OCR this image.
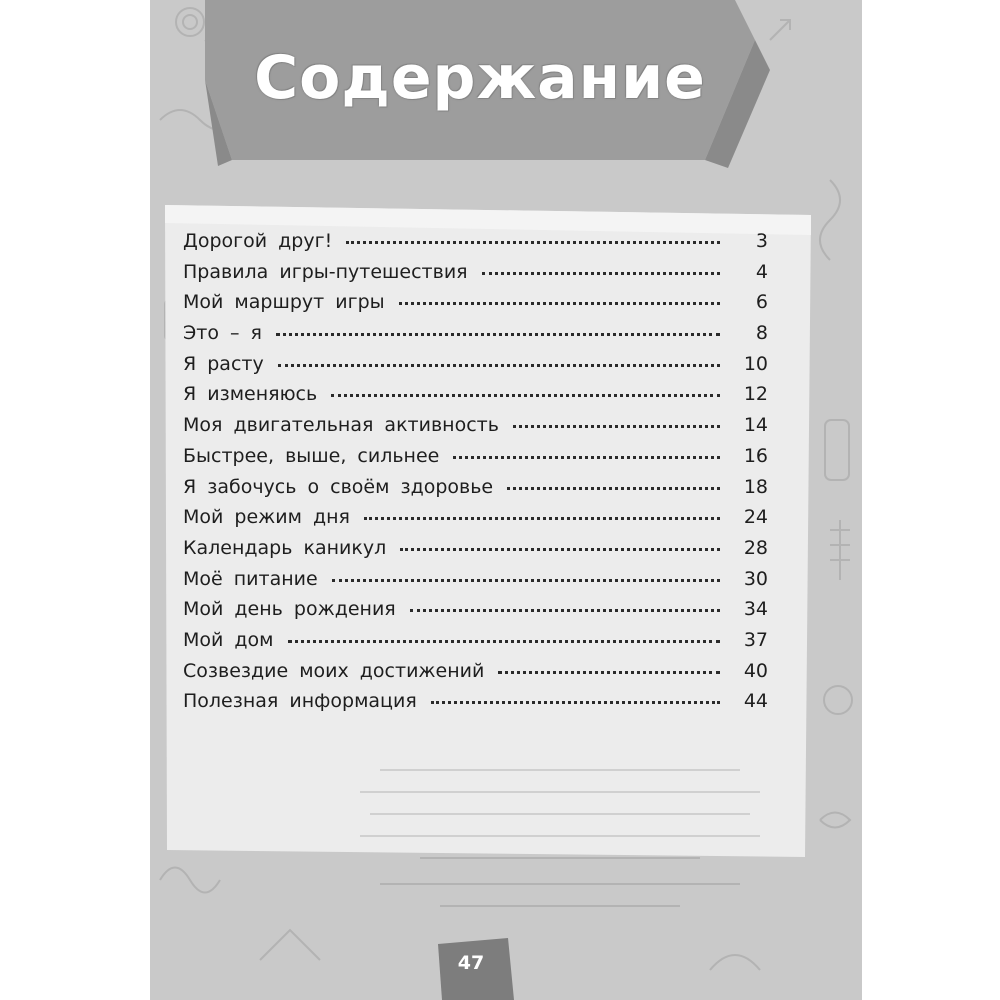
Содержание
Дорогой друг!	3
Правила игры-путешествия	4
Мой маршрут игры	6
Это – я	8
Я расту	10
Я изменяюсь	12
Моя двигательная активность	14
Быстрее, выше, сильнее	16
Я забочусь о своём здоровье	18
Мой режим дня	24
Календарь каникул	28
Моё питание	30
Мой день рождения	34
Мой дом	37
Созвездие моих достижений	40
Полезная информация	44
47
